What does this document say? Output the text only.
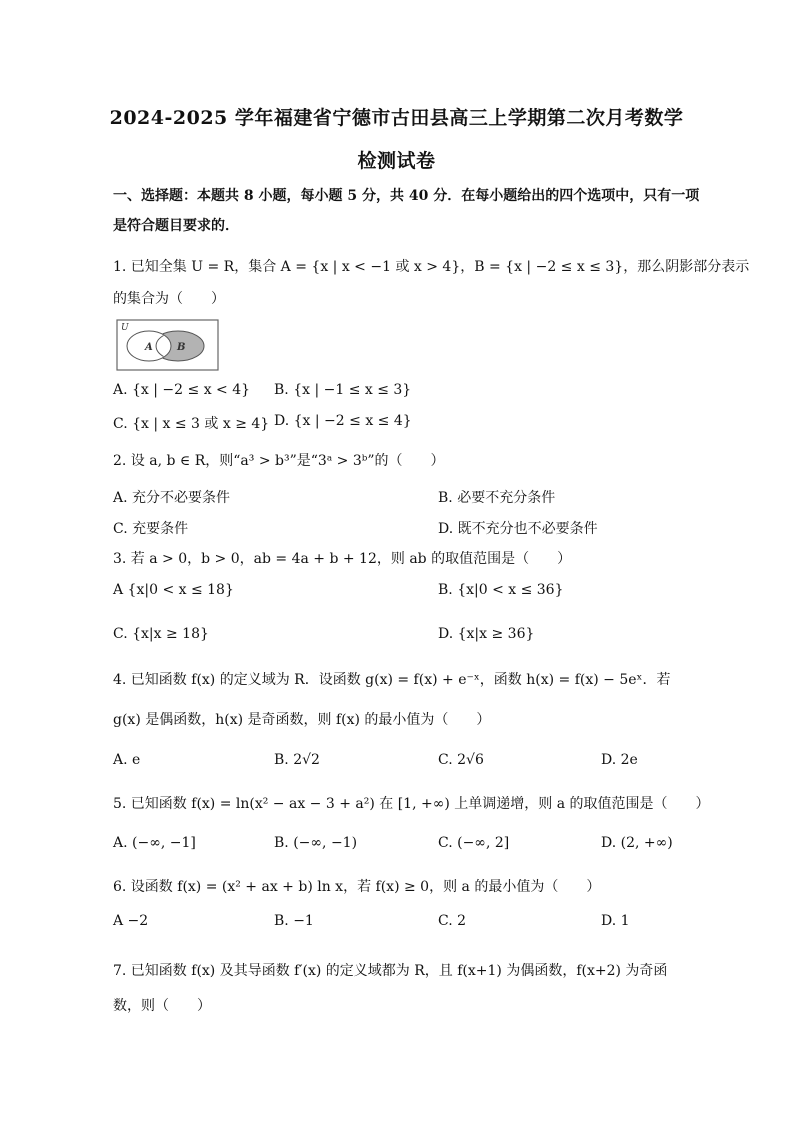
2024-2025 学年福建省宁德市古田县高三上学期第二次月考数学
检测试卷
一、选择题：本题共 8 小题，每小题 5 分，共 40 分．在每小题给出的四个选项中，只有一项
是符合题目要求的．
1. 已知全集 U = R，集合 A = {x | x < −1 或 x > 4}，B = {x | −2 ≤ x ≤ 3}，那么阴影部分表示
的集合为（　　）
U
A B
A. {x | −2 ≤ x < 4} B. {x | −1 ≤ x ≤ 3}
C. {x | x ≤ 3 或 x ≥ 4} D. {x | −2 ≤ x ≤ 4}
2. 设 a, b ∈ R，则“a³ > b³”是“3ᵃ > 3ᵇ”的（　　）
A. 充分不必要条件	B. 必要不充分条件
C. 充要条件	D. 既不充分也不必要条件
3. 若 a > 0，b > 0，ab = 4a + b + 12，则 ab 的取值范围是（　　）
A {x|0 < x ≤ 18}	B. {x|0 < x ≤ 36}
C. {x|x ≥ 18}	D. {x|x ≥ 36}
4. 已知函数 f(x) 的定义域为 R．设函数 g(x) = f(x) + e⁻ˣ，函数 h(x) = f(x) − 5eˣ．若
g(x) 是偶函数，h(x) 是奇函数，则 f(x) 的最小值为（　　）
A. e	B. 2√2	C. 2√6	D. 2e
5. 已知函数 f(x) = ln(x² − ax − 3 + a²) 在 [1, +∞) 上单调递增，则 a 的取值范围是（　　）
A. (−∞, −1]	B. (−∞, −1)	C. (−∞, 2]	D. (2, +∞)
6. 设函数 f(x) = (x² + ax + b) ln x，若 f(x) ≥ 0，则 a 的最小值为（　　）
A −2	B. −1	C. 2	D. 1
7. 已知函数 f(x) 及其导函数 f′(x) 的定义域都为 R，且 f(x+1) 为偶函数，f(x+2) 为奇函
数，则（　　）
